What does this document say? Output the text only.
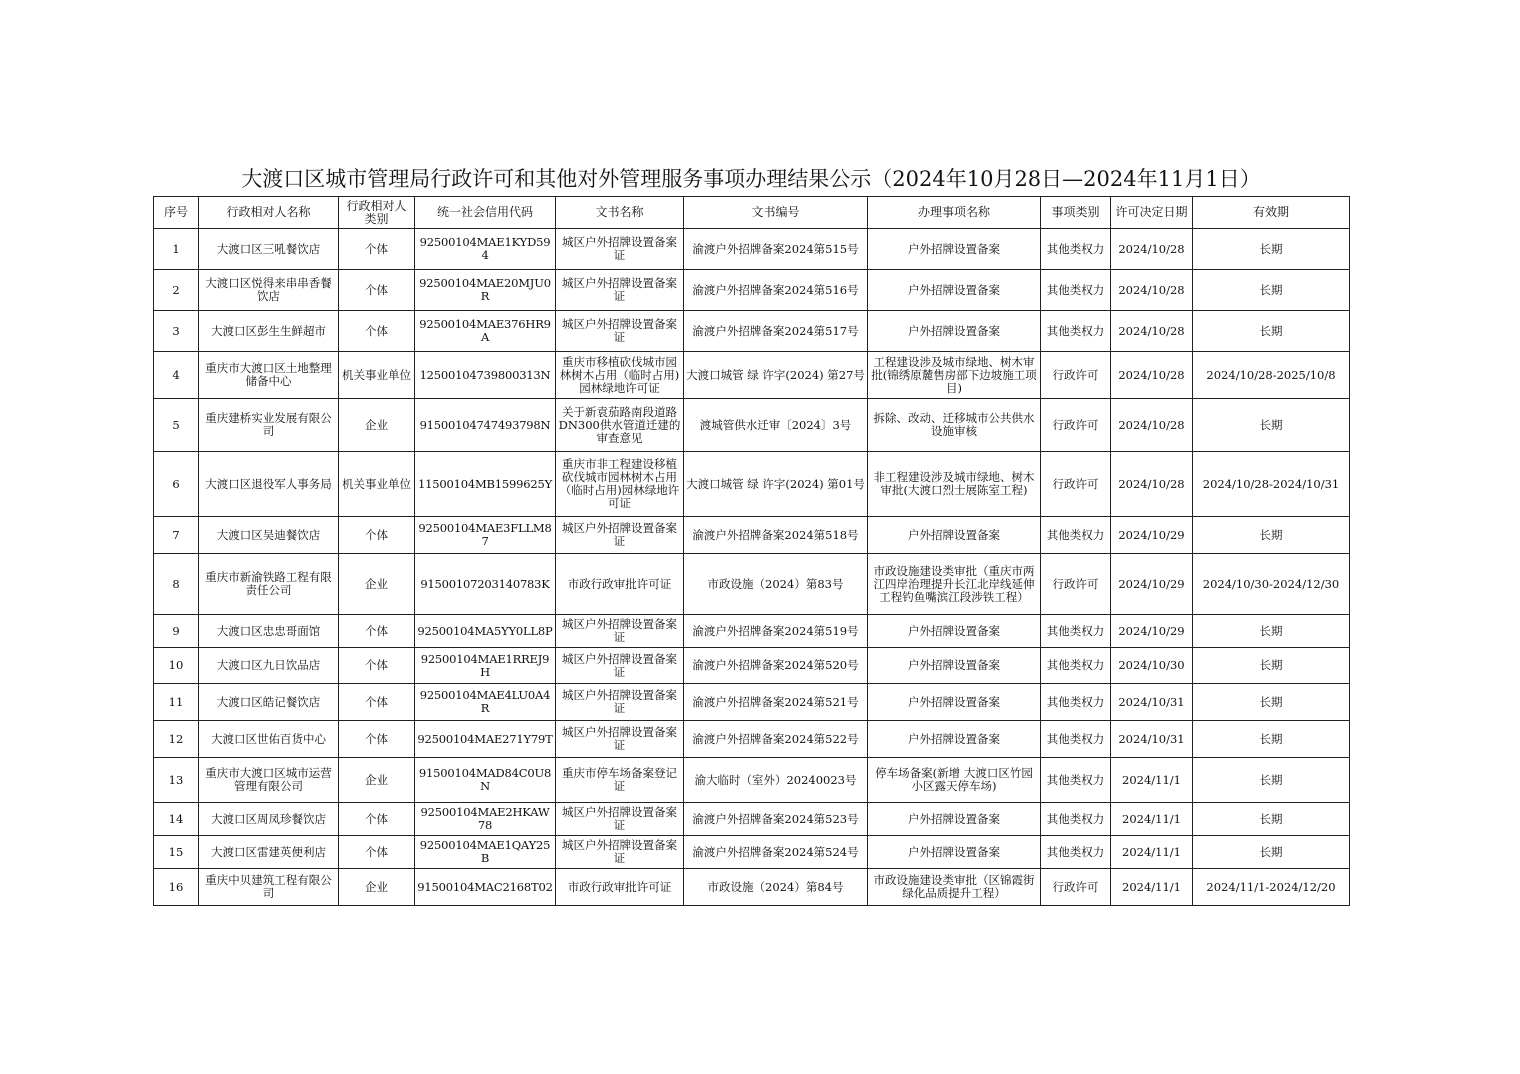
大渡口区城市管理局行政许可和其他对外管理服务事项办理结果公示（2024年10月28日—2024年11月1日）
序号	行政相对人名称	行政相对人类别	统一社会信用代码	文书名称	文书编号	办理事项名称	事项类别	许可决定日期	有效期
1	大渡口区三吼餐饮店	个体	92500104MAE1KYD594	城区户外招牌设置备案证	渝渡户外招牌备案2024第515号	户外招牌设置备案	其他类权力	2024/10/28	长期
2	大渡口区悦得来串串香餐饮店	个体	92500104MAE20MJU0R	城区户外招牌设置备案证	渝渡户外招牌备案2024第516号	户外招牌设置备案	其他类权力	2024/10/28	长期
3	大渡口区彭生生鲜超市	个体	92500104MAE376HR9A	城区户外招牌设置备案证	渝渡户外招牌备案2024第517号	户外招牌设置备案	其他类权力	2024/10/28	长期
4	重庆市大渡口区土地整理储备中心	机关事业单位	12500104739800313N	重庆市移植砍伐城市园林树木占用（临时占用)园林绿地许可证	大渡口城管 绿 许字(2024) 第27号	工程建设涉及城市绿地、树木审批(锦绣原麓售房部下边坡施工项目)	行政许可	2024/10/28	2024/10/28-2025/10/8
5	重庆建桥实业发展有限公司	企业	91500104747493798N	关于新袁茄路南段道路DN300供水管道迁建的审查意见	渡城管供水迁审〔2024〕3号	拆除、改动、迁移城市公共供水设施审核	行政许可	2024/10/28	长期
6	大渡口区退役军人事务局	机关事业单位	11500104MB1599625Y	重庆市非工程建设移植砍伐城市园林树木占用（临时占用)园林绿地许可证	大渡口城管 绿 许字(2024) 第01号	非工程建设涉及城市绿地、树木审批(大渡口烈士展陈室工程)	行政许可	2024/10/28	2024/10/28-2024/10/31
7	大渡口区吴迪餐饮店	个体	92500104MAE3FLLM87	城区户外招牌设置备案证	渝渡户外招牌备案2024第518号	户外招牌设置备案	其他类权力	2024/10/29	长期
8	重庆市新渝铁路工程有限责任公司	企业	91500107203140783K	市政行政审批许可证	市政设施（2024）第83号	市政设施建设类审批（重庆市两江四岸治理提升长江北岸线延伸工程钓鱼嘴滨江段涉铁工程）	行政许可	2024/10/29	2024/10/30-2024/12/30
9	大渡口区忠忠哥面馆	个体	92500104MA5YY0LL8P	城区户外招牌设置备案证	渝渡户外招牌备案2024第519号	户外招牌设置备案	其他类权力	2024/10/29	长期
10	大渡口区九日饮品店	个体	92500104MAE1RREJ9H	城区户外招牌设置备案证	渝渡户外招牌备案2024第520号	户外招牌设置备案	其他类权力	2024/10/30	长期
11	大渡口区皓记餐饮店	个体	92500104MAE4LU0A4R	城区户外招牌设置备案证	渝渡户外招牌备案2024第521号	户外招牌设置备案	其他类权力	2024/10/31	长期
12	大渡口区世佑百货中心	个体	92500104MAE271Y79T	城区户外招牌设置备案证	渝渡户外招牌备案2024第522号	户外招牌设置备案	其他类权力	2024/10/31	长期
13	重庆市大渡口区城市运营管理有限公司	企业	91500104MAD84C0U8N	重庆市停车场备案登记证	渝大临时（室外）20240023号	停车场备案(新增 大渡口区竹园小区露天停车场)	其他类权力	2024/11/1	长期
14	大渡口区周凤珍餐饮店	个体	92500104MAE2HKAW78	城区户外招牌设置备案证	渝渡户外招牌备案2024第523号	户外招牌设置备案	其他类权力	2024/11/1	长期
15	大渡口区雷建英便利店	个体	92500104MAE1QAY25B	城区户外招牌设置备案证	渝渡户外招牌备案2024第524号	户外招牌设置备案	其他类权力	2024/11/1	长期
16	重庆中贝建筑工程有限公司	企业	91500104MAC2168T02	市政行政审批许可证	市政设施（2024）第84号	市政设施建设类审批（区锦霞街绿化品质提升工程）	行政许可	2024/11/1	2024/11/1-2024/12/20
